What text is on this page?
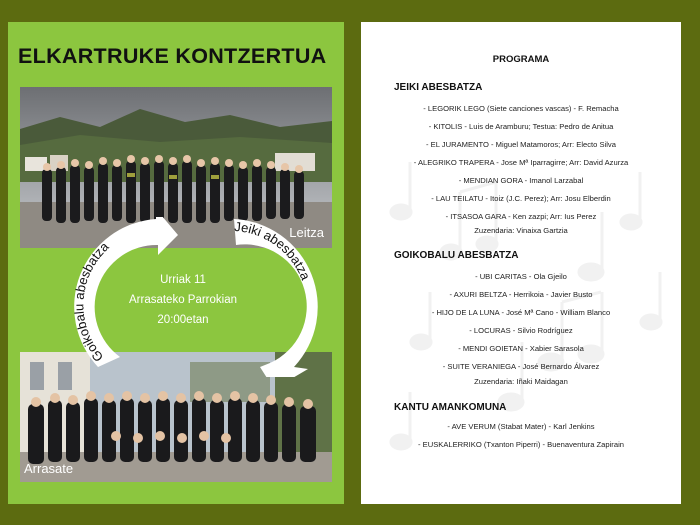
ELKARTRUKE KONTZERTUA
Leitza
Arrasate
Goikobalu abesbatza
Jeiki abesbatza
Urriak 11
Arrasateko Parrokian
20:00etan
PROGRAMA
JEIKI ABESBATZA
- LEGORIK LEGO (Siete canciones vascas) - F. Remacha
- KITOLIS - Luis de Aramburu; Testua: Pedro de Anitua
- EL JURAMENTO - Miguel Matamoros; Arr: Electo Silva
- ALEGRIKO TRAPERA - Jose Mª Iparragirre; Arr: David Azurza
- MENDIAN GORA - Imanol Larzabal
- LAU TEILATU - Itoiz (J.C. Perez); Arr: Josu Elberdin
- ITSASOA GARA - Ken zazpi; Arr: Ius Perez
Zuzendaria: Vinaixa Gartzia
GOIKOBALU ABESBATZA
- UBI CARITAS - Ola Gjeilo
- AXURI BELTZA - Herrikoia - Javier Busto
- HIJO DE LA LUNA - José Mª Cano - William Blanco
- LOCURAS - Silvio Rodríguez
- MENDI GOIETAN - Xabier Sarasola
- SUITE VERANIEGA - José Bernardo Álvarez
Zuzendaria: Iñaki Maidagan
KANTU AMANKOMUNA
- AVE VERUM (Stabat Mater) - Karl Jenkins
- EUSKALERRIKO (Txanton Piperri) - Buenaventura Zapirain
